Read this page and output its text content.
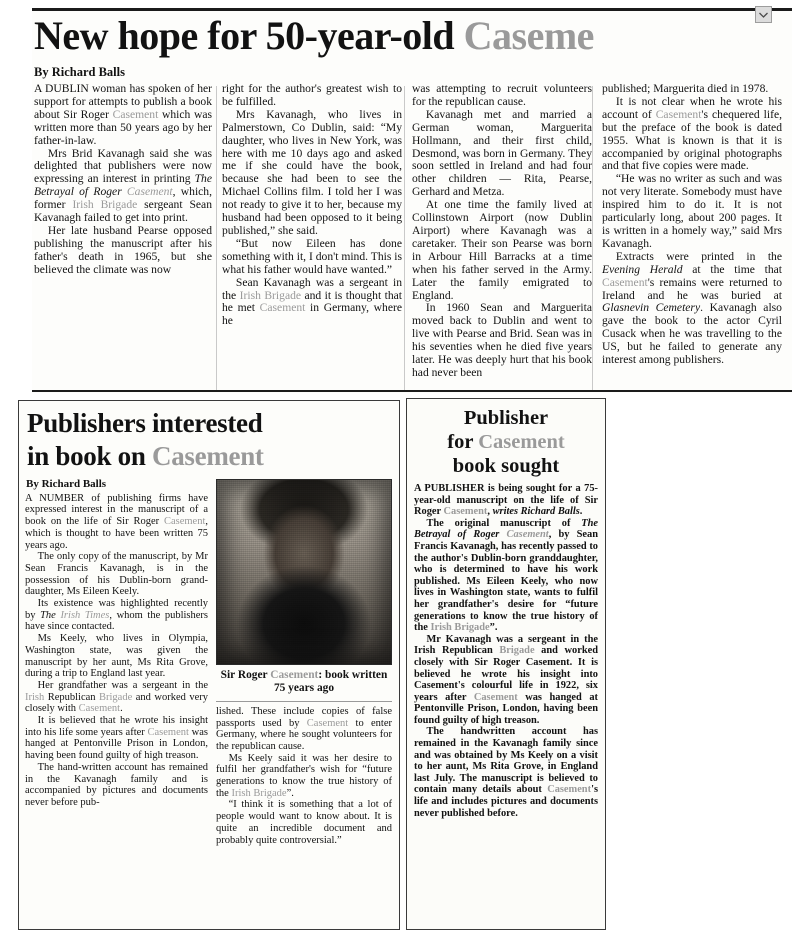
New hope for 50-year-old Caseme
By Richard Balls

A DUBLIN woman has spoken of her support for attempts to publish a book about Sir Roger Casement which was written more than 50 years ago by her father-in-law.

Mrs Brid Kavanagh said she was delighted that publishers were now expressing an interest in printing The Betrayal of Roger Casement, which, former Irish Brigade sergeant Sean Kavanagh failed to get into print.

Her late husband Pearse opposed publishing the manuscript after his father's death in 1965, but she believed the climate was now

right for the author's greatest wish to be fulfilled.

Mrs Kavanagh, who lives in Palmerstown, Co Dublin, said: “My daughter, who lives in New York, was here with me 10 days ago and asked me if she could have the book, because she had been to see the Michael Collins film. I told her I was not ready to give it to her, because my husband had been opposed to it being published,” she said.

“But now Eileen has done something with it, I don't mind. This is what his father would have wanted.”

Sean Kavanagh was a sergeant in the Irish Brigade and it is thought that he met Casement in Germany, where he

was attempting to recruit volunteers for the republican cause.

Kavanagh met and married a German woman, Marguerita Hollmann, and their first child, Desmond, was born in Germany. They soon settled in Ireland and had four other children — Rita, Pearse, Gerhard and Metza.

At one time the family lived at Collinstown Airport (now Dublin Airport) where Kavanagh was a caretaker. Their son Pearse was born in Arbour Hill Barracks at a time when his father served in the Army. Later the family emigrated to England.

In 1960 Sean and Marguerita moved back to Dublin and went to live with Pearse and Brid. Sean was in his seventies when he died five years later. He was deeply hurt that his book had never been

published; Marguerita died in 1978.

It is not clear when he wrote his account of Casement's chequered life, but the preface of the book is dated 1955. What is known is that it is accompanied by original photographs and that five copies were made.

“He was no writer as such and was not very literate. Somebody must have inspired him to do it. It is not particularly long, about 200 pages. It is written in a homely way,” said Mrs Kavanagh.

Extracts were printed in the Evening Herald at the time that Casement's remains were returned to Ireland and he was buried at Glasnevin Cemetery. Kavanagh also gave the book to the actor Cyril Cusack when he was travelling to the US, but he failed to generate any interest among publishers.

Publishers interested
in book on Casement
By Richard Balls

A NUMBER of publishing firms have expressed interest in the manuscript of a book on the life of Sir Roger Casement, which is thought to have been written 75 years ago.

The only copy of the manuscript, by Mr Sean Francis Kavanagh, is in the possession of his Dublin-born grand-daughter, Ms Eileen Keely.

Its existence was highlighted recently by The Irish Times, whom the publishers have since contacted.

Ms Keely, who lives in Olympia, Washington state, was given the manuscript by her aunt, Ms Rita Grove, during a trip to England last year.

Her grandfather was a sergeant in the Irish Republican Brigade and worked very closely with Casement.

It is believed that he wrote his insight into his life some years after Casement was hanged at Pentonville Prison in London, having been found guilty of high treason.

The hand-written account has remained in the Kavanagh family and is accompanied by pictures and documents never before pub-

Sir Roger Casement: book written 75 years ago

lished. These include copies of false passports used by Casement to enter Germany, where he sought volunteers for the republican cause.

Ms Keely said it was her desire to fulfil her grandfather's wish for “future generations to know the true history of the Irish Brigade”.

“I think it is something that a lot of people would want to know about. It is quite an incredible document and probably quite controversial.”

Publisher
for Casement
book sought

A PUBLISHER is being sought for a 75-year-old manuscript on the life of Sir Roger Casement, writes Richard Balls.

The original manuscript of The Betrayal of Roger Casement, by Sean Francis Kavanagh, has recently passed to the author's Dublin-born granddaughter, who is determined to have his work published. Ms Eileen Keely, who now lives in Washington state, wants to fulfil her grandfather's desire for “future generations to know the true history of the Irish Brigade”.

Mr Kavanagh was a sergeant in the Irish Republican Brigade and worked closely with Sir Roger Casement. It is believed he wrote his insight into Casement's colourful life in 1922, six years after Casement was hanged at Pentonville Prison, London, having been found guilty of high treason.

The handwritten account has remained in the Kavanagh family since and was obtained by Ms Keely on a visit to her aunt, Ms Rita Grove, in England last July. The manuscript is believed to contain many details about Casement's life and includes pictures and documents never published before.
